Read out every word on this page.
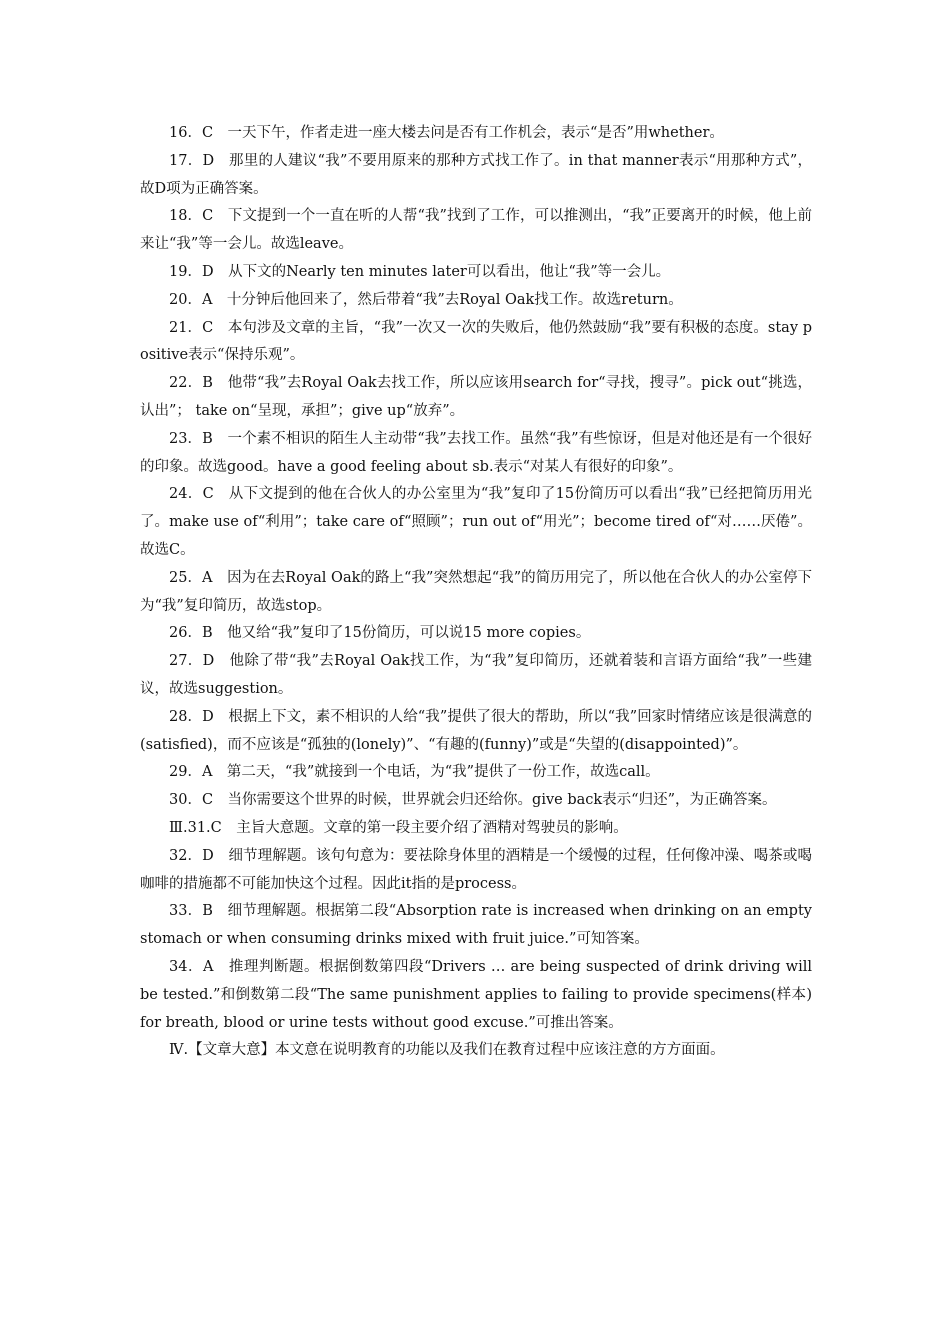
16．C　一天下午，作者走进一座大楼去问是否有工作机会，表示“是否”用whether。

17．D　那里的人建议“我”不要用原来的那种方式找工作了。in that manner表示“用那种方式”，故D项为正确答案。

18．C　下文提到一个一直在听的人帮“我”找到了工作，可以推测出，“我”正要离开的时候，他上前来让“我”等一会儿。故选leave。

19．D　从下文的Nearly ten minutes later可以看出，他让“我”等一会儿。

20．A　十分钟后他回来了，然后带着“我”去Royal Oak找工作。故选return。

21．C　本句涉及文章的主旨，“我”一次又一次的失败后，他仍然鼓励“我”要有积极的态度。stay positive表示“保持乐观”。

22．B　他带“我”去Royal Oak去找工作，所以应该用search for“寻找，搜寻”。pick out“挑选，认出”； take on“呈现，承担”；give up“放弃”。

23．B　一个素不相识的陌生人主动带“我”去找工作。虽然“我”有些惊讶，但是对他还是有一个很好的印象。故选good。have a good feeling about sb.表示“对某人有很好的印象”。

24．C　从下文提到的他在合伙人的办公室里为“我”复印了15份简历可以看出“我”已经把简历用光了。make use of“利用”；take care of“照顾”；run out of“用光”；become tired of“对……厌倦”。故选C。

25．A　因为在去Royal Oak的路上“我”突然想起“我”的简历用完了，所以他在合伙人的办公室停下为“我”复印简历，故选stop。

26．B　他又给“我”复印了15份简历，可以说15 more copies。

27．D　他除了带“我”去Royal Oak找工作，为“我”复印简历，还就着装和言语方面给“我”一些建议，故选suggestion。

28．D　根据上下文，素不相识的人给“我”提供了很大的帮助，所以“我”回家时情绪应该是很满意的(satisfied)，而不应该是“孤独的(lonely)”、“有趣的(funny)”或是“失望的(disappointed)”。

29．A　第二天，“我”就接到一个电话，为“我”提供了一份工作，故选call。

30．C　当你需要这个世界的时候，世界就会归还给你。give back表示“归还”，为正确答案。

Ⅲ.31.C　主旨大意题。文章的第一段主要介绍了酒精对驾驶员的影响。

32．D　细节理解题。该句句意为：要祛除身体里的酒精是一个缓慢的过程，任何像冲澡、喝茶或喝咖啡的措施都不可能加快这个过程。因此it指的是process。

33．B　细节理解题。根据第二段“Absorption rate is increased when drinking on an empty stomach or when consuming drinks mixed with fruit juice.”可知答案。

34．A　推理判断题。根据倒数第四段“Drivers … are being suspected of drink driving will be tested.”和倒数第二段“The same punishment applies to failing to provide specimens(样本) for breath, blood or urine tests without good excuse.”可推出答案。

Ⅳ.【文章大意】本文意在说明教育的功能以及我们在教育过程中应该注意的方方面面。
